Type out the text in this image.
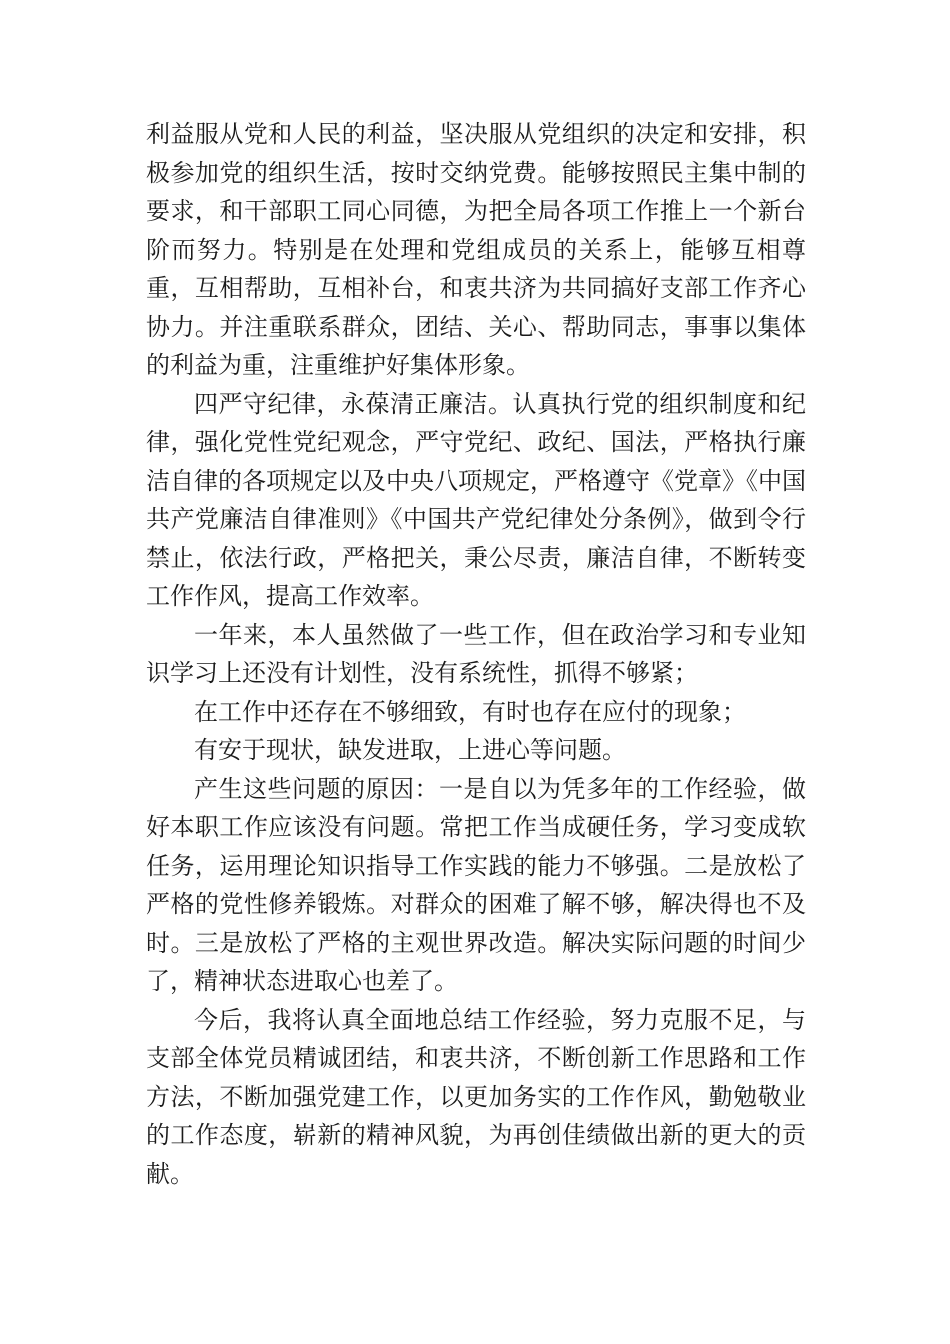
利益服从党和人民的利益，坚决服从党组织的决定和安排，积极参加党的组织生活，按时交纳党费。能够按照民主集中制的要求，和干部职工同心同德，为把全局各项工作推上一个新台阶而努力。特别是在处理和党组成员的关系上，能够互相尊重，互相帮助，互相补台，和衷共济为共同搞好支部工作齐心协力。并注重联系群众，团结、关心、帮助同志，事事以集体的利益为重，注重维护好集体形象。

四严守纪律，永葆清正廉洁。认真执行党的组织制度和纪律，强化党性党纪观念，严守党纪、政纪、国法，严格执行廉洁自律的各项规定以及中央八项规定，严格遵守《党章》《中国共产党廉洁自律准则》《中国共产党纪律处分条例》，做到令行禁止，依法行政，严格把关，秉公尽责，廉洁自律，不断转变工作作风，提高工作效率。

一年来，本人虽然做了一些工作，但在政治学习和专业知识学习上还没有计划性，没有系统性，抓得不够紧；

在工作中还存在不够细致，有时也存在应付的现象；

有安于现状，缺发进取，上进心等问题。

产生这些问题的原因：一是自以为凭多年的工作经验，做好本职工作应该没有问题。常把工作当成硬任务，学习变成软任务，运用理论知识指导工作实践的能力不够强。二是放松了严格的党性修养锻炼。对群众的困难了解不够，解决得也不及时。三是放松了严格的主观世界改造。解决实际问题的时间少了，精神状态进取心也差了。

今后，我将认真全面地总结工作经验，努力克服不足，与支部全体党员精诚团结，和衷共济，不断创新工作思路和工作方法，不断加强党建工作，以更加务实的工作作风，勤勉敬业的工作态度，崭新的精神风貌，为再创佳绩做出新的更大的贡献。
